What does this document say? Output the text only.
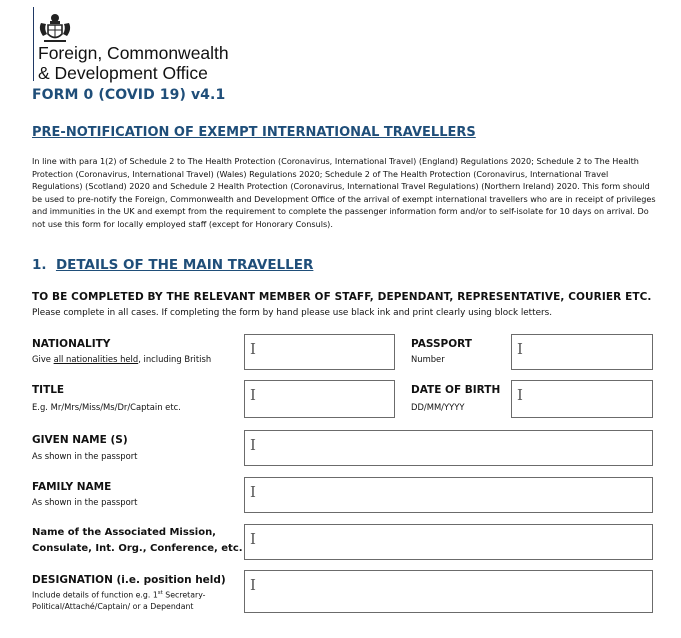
Foreign, Commonwealth
& Development Office
FORM 0 (COVID 19) v4.1
PRE-NOTIFICATION OF EXEMPT INTERNATIONAL TRAVELLERS
In line with para 1(2) of Schedule 2 to The Health Protection (Coronavirus, International Travel) (England) Regulations 2020; Schedule 2 to The Health Protection (Coronavirus, International Travel) (Wales) Regulations 2020; Schedule 2 of The Health Protection (Coronavirus, International Travel Regulations) (Scotland) 2020 and Schedule 2 Health Protection (Coronavirus, International Travel Regulations) (Northern Ireland) 2020. This form should be used to pre-notify the Foreign, Commonwealth and Development Office of the arrival of exempt international travellers who are in receipt of privileges and immunities in the UK and exempt from the requirement to complete the passenger information form and/or to self-isolate for 10 days on arrival. Do not use this form for locally employed staff (except for Honorary Consuls).
1. DETAILS OF THE MAIN TRAVELLER
TO BE COMPLETED BY THE RELEVANT MEMBER OF STAFF, DEPENDANT, REPRESENTATIVE, COURIER ETC.
Please complete in all cases. If completing the form by hand please use black ink and print clearly using block letters.
NATIONALITY
Give all nationalities held, including British
I	PASSPORT
Number
I
TITLE
E.g. Mr/Mrs/Miss/Ms/Dr/Captain etc.
I	DATE OF BIRTH
DD/MM/YYYY
I
GIVEN NAME (S)
As shown in the passport
I
FAMILY NAME
As shown in the passport
I
Name of the Associated Mission,
Consulate, Int. Org., Conference, etc.
I
DESIGNATION (i.e. position held)
Include details of function e.g. 1st Secretary-
Political/Attaché/Captain/ or a Dependant
I
